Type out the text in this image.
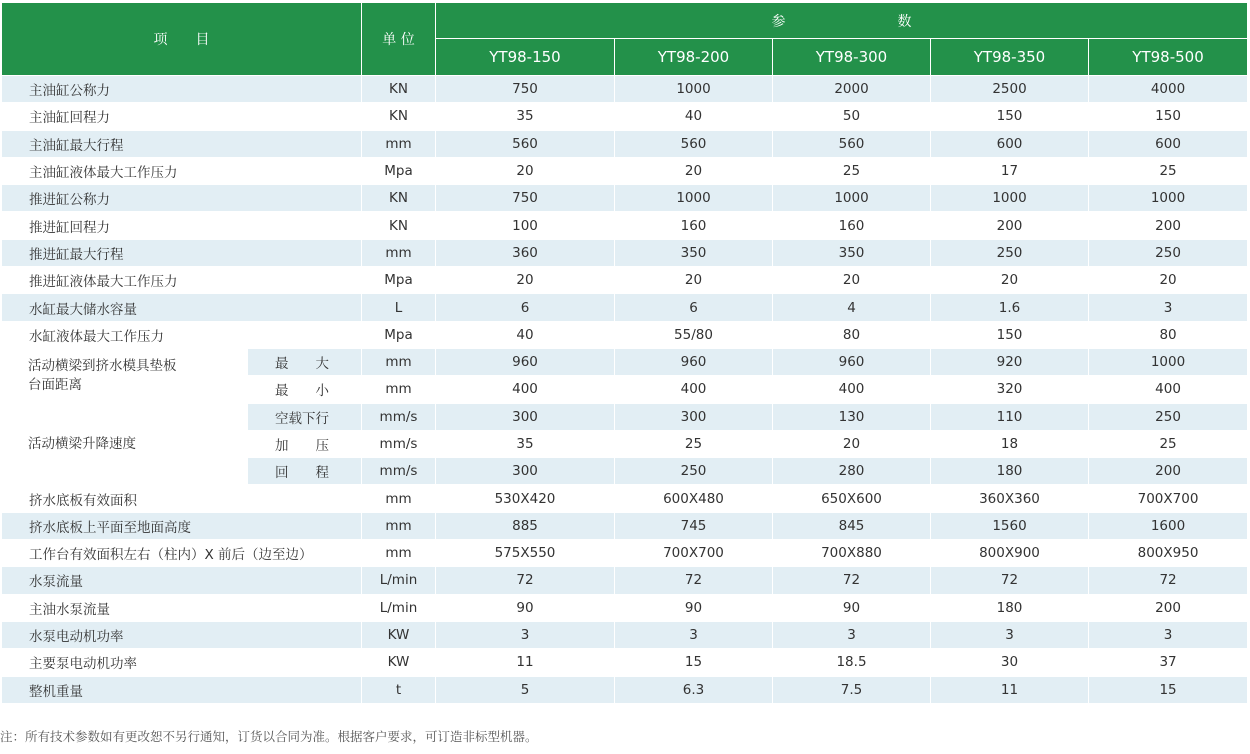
项　　目		单 位	参　　　　　　　　数				
			YT98-150	YT98-200	YT98-300	YT98-350	YT98-500
主油缸公称力		KN	750	1000	2000	2500	4000
主油缸回程力		KN	35	40	50	150	150
主油缸最大行程		mm	560	560	560	600	600
主油缸液体最大工作压力		Mpa	20	20	25	17	25
推进缸公称力		KN	750	1000	1000	1000	1000
推进缸回程力		KN	100	160	160	200	200
推进缸最大行程		mm	360	350	350	250	250
推进缸液体最大工作压力		Mpa	20	20	20	20	20
水缸最大储水容量		L	6	6	4	1.6	3
水缸液体最大工作压力		Mpa	40	55/80	80	150	80
活动横梁到挤水模具垫板台面距离	最　　大	mm	960	960	960	920	1000
	最　　小	mm	400	400	400	320	400
活动横梁升降速度	空载下行	mm/s	300	300	130	110	250
	加　　压	mm/s	35	25	20	18	25
	回　　程	mm/s	300	250	280	180	200
挤水底板有效面积		mm	530X420	600X480	650X600	360X360	700X700
挤水底板上平面至地面高度		mm	885	745	845	1560	1600
工作台有效面积左右（柱内）X 前后（边至边）		mm	575X550	700X700	700X880	800X900	800X950
水泵流量		L/min	72	72	72	72	72
主油水泵流量		L/min	90	90	90	180	200
水泵电动机功率		KW	3	3	3	3	3
主要泵电动机功率		KW	11	15	18.5	30	37
整机重量		t	5	6.3	7.5	11	15
注：所有技术参数如有更改恕不另行通知，订货以合同为准。根据客户要求，可订造非标型机器。
